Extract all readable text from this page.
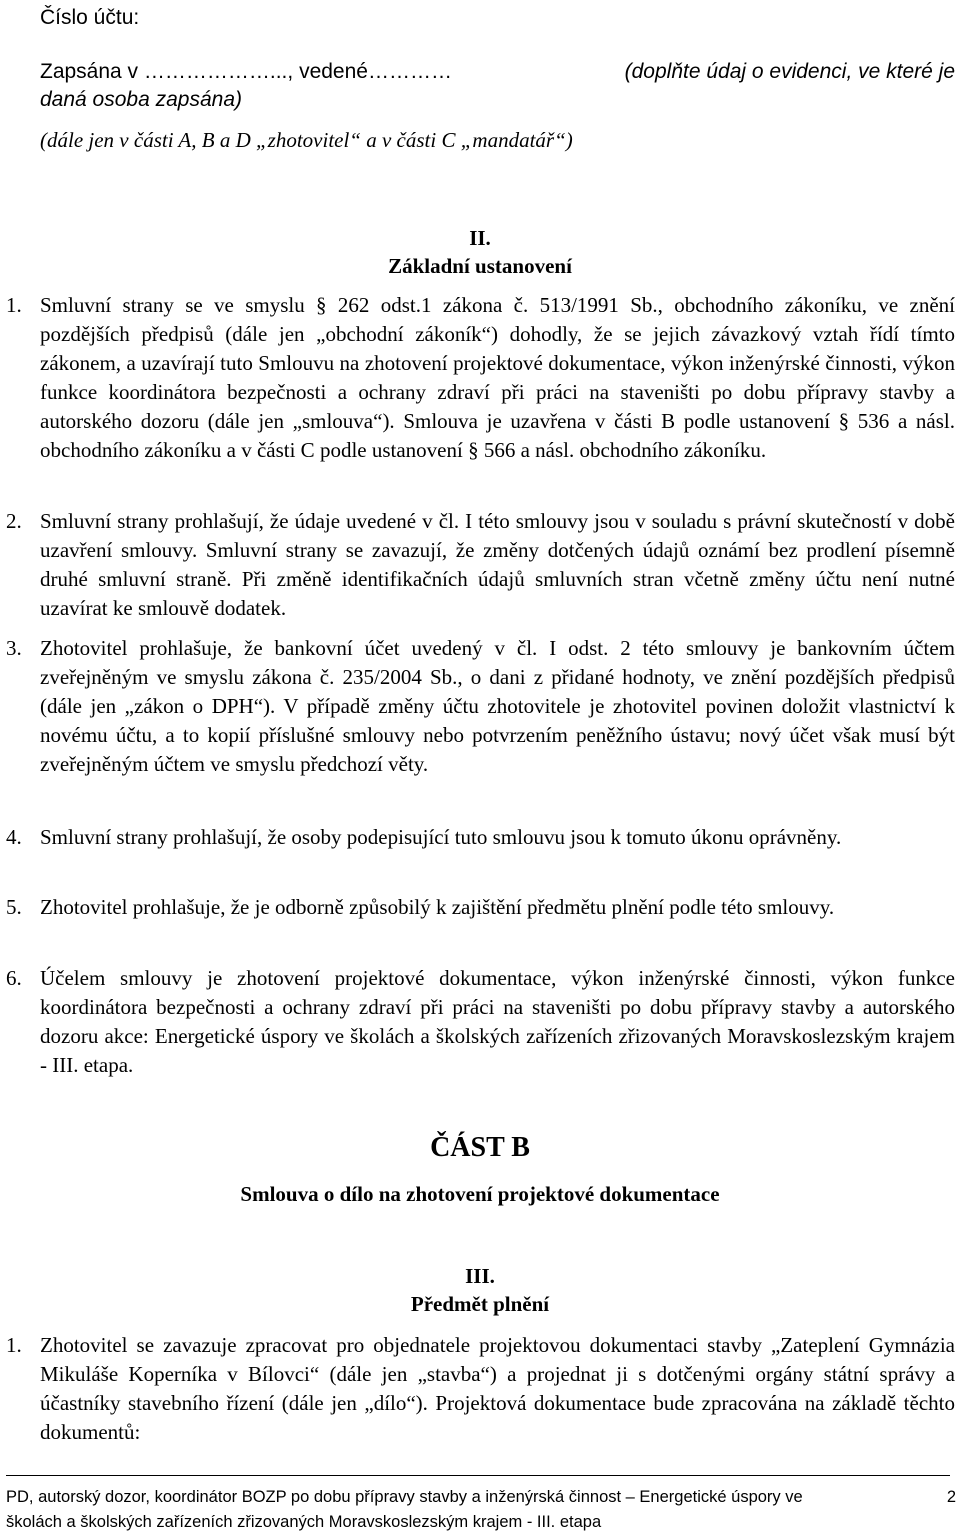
Číslo účtu:
Zapsána v ………………..., vedené…………	(doplňte údaj o evidenci, ve které je
daná osoba zapsána)
(dále jen v části A, B a D „zhotovitel“ a v části C „mandatář“)
II.
Základní ustanovení
1. Smluvní strany se ve smyslu § 262 odst.1 zákona č. 513/1991 Sb., obchodního zákoníku, ve znění pozdějších předpisů (dále jen „obchodní zákoník“) dohodly, že se jejich závazkový vztah řídí tímto zákonem, a uzavírají tuto Smlouvu na zhotovení projektové dokumentace, výkon inženýrské činnosti, výkon funkce koordinátora bezpečnosti a ochrany zdraví při práci na staveništi po dobu přípravy stavby a autorského dozoru (dále jen „smlouva“). Smlouva je uzavřena v části B podle ustanovení § 536 a násl. obchodního zákoníku a v části C podle ustanovení § 566 a násl. obchodního zákoníku.
2. Smluvní strany prohlašují, že údaje uvedené v čl. I této smlouvy jsou v souladu s právní skutečností v době uzavření smlouvy. Smluvní strany se zavazují, že změny dotčených údajů oznámí bez prodlení písemně druhé smluvní straně. Při změně identifikačních údajů smluvních stran včetně změny účtu není nutné uzavírat ke smlouvě dodatek.
3. Zhotovitel prohlašuje, že bankovní účet uvedený v čl. I odst. 2 této smlouvy je bankovním účtem zveřejněným ve smyslu zákona č. 235/2004 Sb., o dani z přidané hodnoty, ve znění pozdějších předpisů (dále jen „zákon o DPH“). V případě změny účtu zhotovitele je zhotovitel povinen doložit vlastnictví k novému účtu, a to kopií příslušné smlouvy nebo potvrzením peněžního ústavu; nový účet však musí být zveřejněným účtem ve smyslu předchozí věty.
4. Smluvní strany prohlašují, že osoby podepisující tuto smlouvu jsou k tomuto úkonu oprávněny.
5. Zhotovitel prohlašuje, že je odborně způsobilý k zajištění předmětu plnění podle této smlouvy.
6. Účelem smlouvy je zhotovení projektové dokumentace, výkon inženýrské činnosti, výkon funkce koordinátora bezpečnosti a ochrany zdraví při práci na staveništi po dobu přípravy stavby a autorského dozoru akce: Energetické úspory ve školách a školských zařízeních zřizovaných Moravskoslezským krajem - III. etapa.
ČÁST B
Smlouva o dílo na zhotovení projektové dokumentace
III.
Předmět plnění
1. Zhotovitel se zavazuje zpracovat pro objednatele projektovou dokumentaci stavby „Zateplení Gymnázia Mikuláše Koperníka v Bílovci“ (dále jen „stavba“) a projednat ji s dotčenými orgány státní správy a účastníky stavebního řízení (dále jen „dílo“). Projektová dokumentace bude zpracována na základě těchto dokumentů:
PD, autorský dozor, koordinátor BOZP po dobu přípravy stavby a inženýrská činnost – Energetické úspory ve	2
školách a školských zařízeních zřizovaných Moravskoslezským krajem - III. etapa
